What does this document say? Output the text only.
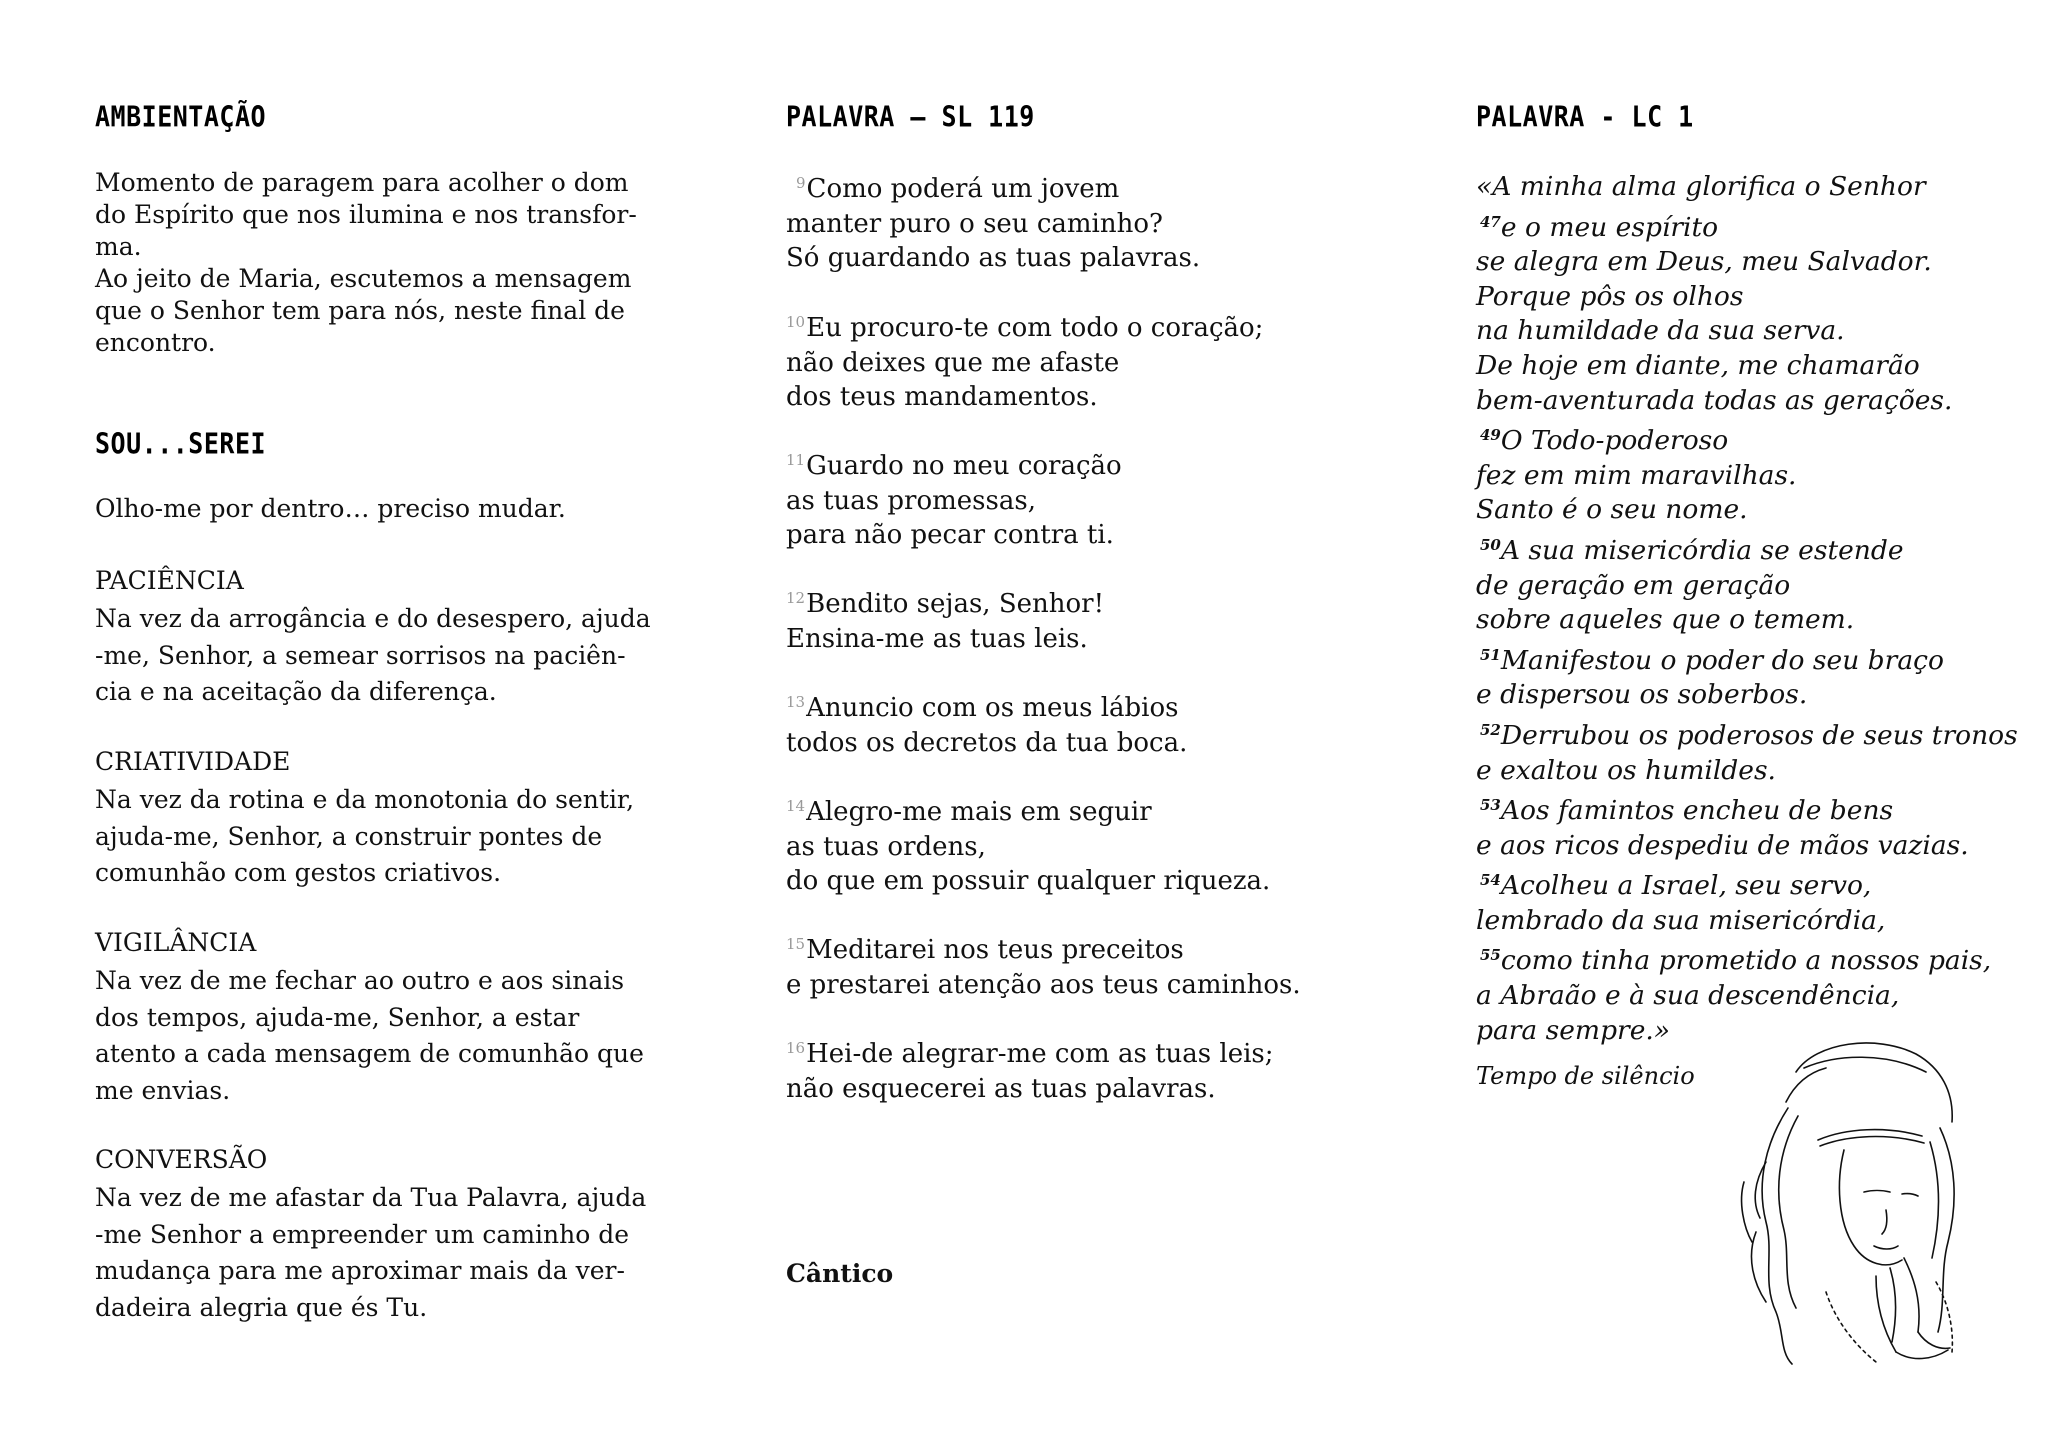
AMBIENTAÇÃO
Momento de paragem para acolher o dom
do Espírito que nos ilumina e nos transfor-
ma.
Ao jeito de Maria, escutemos a mensagem
que o Senhor tem para nós, neste final de
encontro.
SOU...SEREI
Olho-me por dentro… preciso mudar.
PACIÊNCIA
Na vez da arrogância e do desespero, ajuda
-me, Senhor, a semear sorrisos na paciên-
cia e na aceitação da diferença.
CRIATIVIDADE
Na vez da rotina e da monotonia do sentir,
ajuda-me, Senhor, a construir pontes de
comunhão com gestos criativos.
VIGILÂNCIA
Na vez de me fechar ao outro e aos sinais
dos tempos, ajuda-me, Senhor, a estar
atento a cada mensagem de comunhão que
me envias.
CONVERSÃO
Na vez de me afastar da Tua Palavra, ajuda
-me Senhor a empreender um caminho de
mudança para me aproximar mais da ver-
dadeira alegria que és Tu.
PALAVRA – SL 119
$^9$Como poderá um jovem
manter puro o seu caminho?
Só guardando as tuas palavras.
$^{10}$Eu procuro-te com todo o coração;
não deixes que me afaste
dos teus mandamentos.
$^{11}$Guardo no meu coração
as tuas promessas,
para não pecar contra ti.
$^{12}$Bendito sejas, Senhor!
Ensina-me as tuas leis.
$^{13}$Anuncio com os meus lábios
todos os decretos da tua boca.
$^{14}$Alegro-me mais em seguir
as tuas ordens,
do que em possuir qualquer riqueza.
$^{15}$Meditarei nos teus preceitos
e prestarei atenção aos teus caminhos.
$^{16}$Hei-de alegrar-me com as tuas leis;
não esquecerei as tuas palavras.
Cântico
PALAVRA - LC 1
«A minha alma glorifica o Senhor
$^{47}$e o meu espírito
se alegra em Deus, meu Salvador.
Porque pôs os olhos
na humildade da sua serva.
De hoje em diante, me chamarão
bem-aventurada todas as gerações.
$^{49}$O Todo-poderoso
fez em mim maravilhas.
Santo é o seu nome.
$^{50}$A sua misericórdia se estende
de geração em geração
sobre aqueles que o temem.
$^{51}$Manifestou o poder do seu braço
e dispersou os soberbos.
$^{52}$Derrubou os poderosos de seus tronos
e exaltou os humildes.
$^{53}$Aos famintos encheu de bens
e aos ricos despediu de mãos vazias.
$^{54}$Acolheu a Israel, seu servo,
lembrado da sua misericórdia,
$^{55}$como tinha prometido a nossos pais,
a Abraão e à sua descendência,
para sempre.»
Tempo de silêncio
